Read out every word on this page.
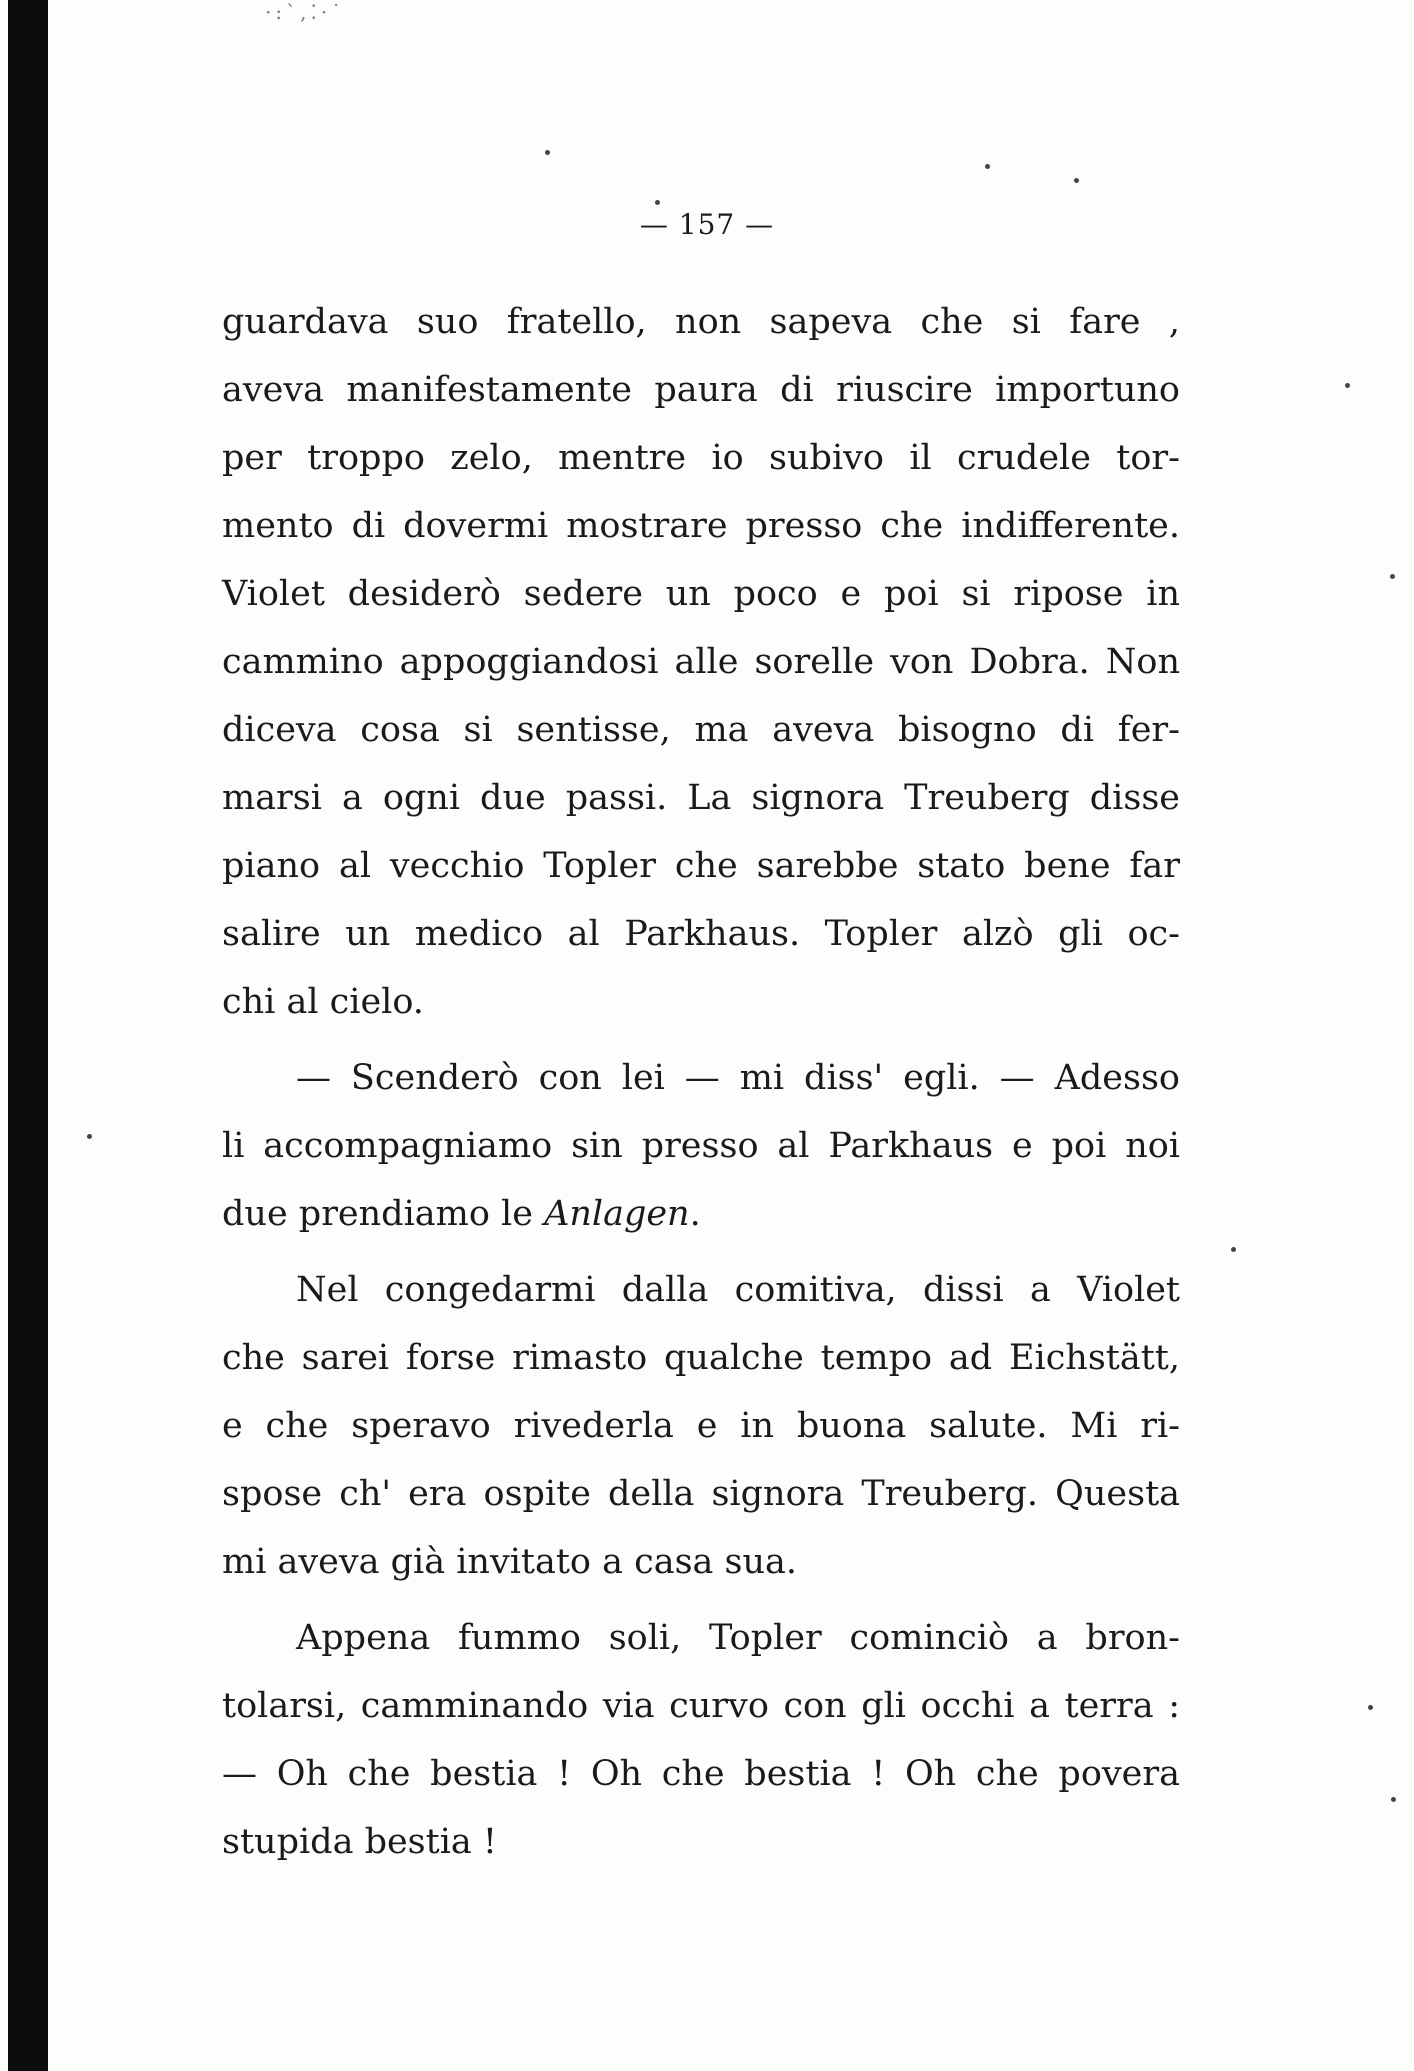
·:ˋ,⁚·˙
— 157 —
guardava suo fratello, non sapeva che si fare ,
aveva manifestamente paura di riuscire importuno
per troppo zelo, mentre io subivo il crudele tor-
mento di dovermi mostrare presso che indifferente.
Violet desiderò sedere un poco e poi si ripose in
cammino appoggiandosi alle sorelle von Dobra. Non
diceva cosa si sentisse, ma aveva bisogno di fer-
marsi a ogni due passi. La signora Treuberg disse
piano al vecchio Topler che sarebbe stato bene far
salire un medico al Parkhaus. Topler alzò gli oc-
chi al cielo.
— Scenderò con lei — mi diss' egli. — Adesso
li accompagniamo sin presso al Parkhaus e poi noi
due prendiamo le Anlagen.
Nel congedarmi dalla comitiva, dissi a Violet
che sarei forse rimasto qualche tempo ad Eichstätt,
e che speravo rivederla e in buona salute. Mi ri-
spose ch' era ospite della signora Treuberg. Questa
mi aveva già invitato a casa sua.
Appena fummo soli, Topler cominciò a bron-
tolarsi, camminando via curvo con gli occhi a terra :
— Oh che bestia ! Oh che bestia ! Oh che povera
stupida bestia !
